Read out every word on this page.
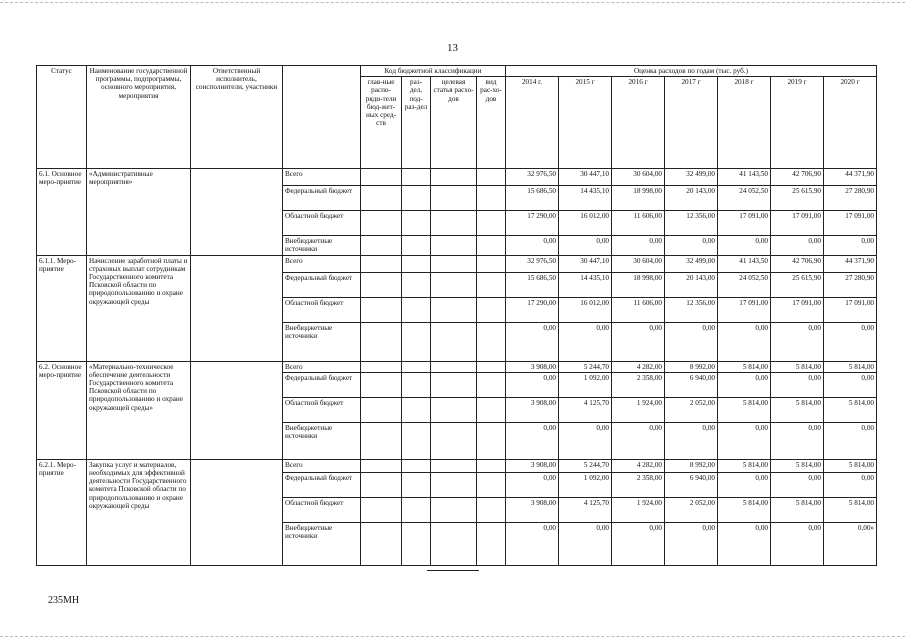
13
Статус	Наименование государственной программы, подпрограммы, основного мероприятия, мероприятия	Ответственный исполнитель, соисполнители, участники		Код бюджетной классификации				Оценка расходов по годам (тыс. руб.)						
				глав-ные распо-ряди-тели бюд-жет-ных сред-ств	раз-дел, под-раз-дел	целевая статья расхо-дов	вид рас-хо-дов	2014 г.	2015 г	2016 г	2017 г	2018 г	2019 г	2020 г
6.1. Основное меро-приятие	«Административные мероприятия»		Всего					32 976,50	30 447,10	30 604,00	32 499,00	41 143,50	42 706,90	44 371,90
			Федеральный бюджет					15 686,50	14 435,10	18 998,00	20 143,00	24 052,50	25 615,90	27 280,90
			Областной бюджет					17 290,00	16 012,00	11 606,00	12 356,00	17 091,00	17 091,00	17 091,00
			Внебюджетные источники					0,00	0,00	0,00	0,00	0,00	0,00	0,00
6.1.1. Меро-приятие	Начисление заработной платы и страховых выплат сотрудникам Государственного комитета Псковской области по природопользованию и охране окружающей среды		Всего					32 976,50	30 447,10	30 604,00	32 499,00	41 143,50	42 706,90	44 371,90
			Федеральный бюджет					15 686,50	14 435,10	18 998,00	20 143,00	24 052,50	25 615,90	27 280,90
			Областной бюджет					17 290,00	16 012,00	11 606,00	12 356,00	17 091,00	17 091,00	17 091,00
			Внебюджетные источники					0,00	0,00	0,00	0,00	0,00	0,00	0,00
6.2. Основное меро-приятие	«Материально-техническое обеспечение деятельности Государственного комитета Псковской области по природопользованию и охране окружающей среды»		Всего					3 908,00	5 244,70	4 282,00	8 992,00	5 814,00	5 814,00	5 814,00
			Федеральный бюджет					0,00	1 092,00	2 358,00	6 940,00	0,00	0,00	0,00
			Областной бюджет					3 908,00	4 125,70	1 924,00	2 052,00	5 814,00	5 814,00	5 814,00
			Внебюджетные источники					0,00	0,00	0,00	0,00	0,00	0,00	0,00
6.2.1. Меро-приятие	Закупка услуг и материалов, необходимых для эффективной деятельности Государственного комитета Псковской области по природопользованию и охране окружающей среды		Всего					3 908,00	5 244,70	4 282,00	8 992,00	5 814,00	5 814,00	5 814,00
			Федеральный бюджет					0,00	1 092,00	2 358,00	6 940,00	0,00	0,00	0,00
			Областной бюджет					3 908,00	4 125,70	1 924,00	2 052,00	5 814,00	5 814,00	5 814,00
			Внебюджетные источники					0,00	0,00	0,00	0,00	0,00	0,00	0,00»
235МН
